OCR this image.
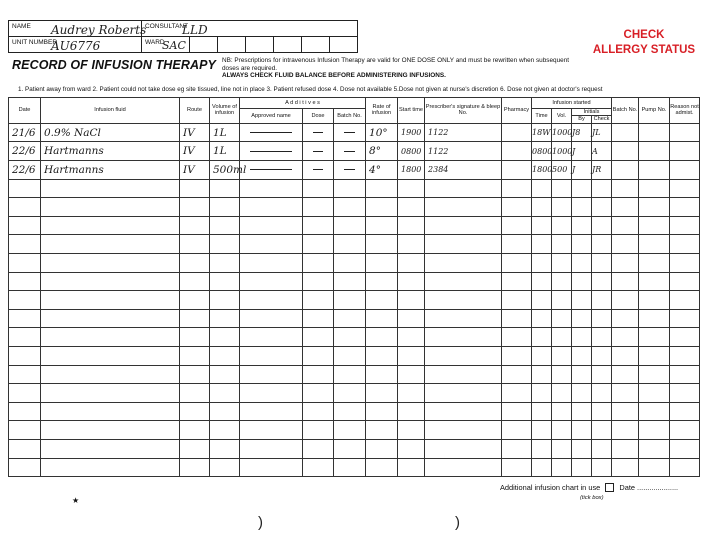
NAME Audrey Roberts	CONSULTANT
LLD						

UNIT NUMBER
AU6776	WARD
SAC						

CHECK
ALLERGY STATUS
RECORD OF INFUSION THERAPY NB: Prescriptions for intravenous Infusion Therapy are valid for ONE DOSE ONLY and must be rewritten when subsequent doses are required.
ALWAYS CHECK FLUID BALANCE BEFORE ADMINISTERING INFUSIONS.
1. Patient away from ward 2. Patient could not take dose eg site tissued, line not in place 3. Patient refused dose 4. Dose not available 5.Dose not given at nurse's discretion 6. Dose not given at doctor's request
Date	Infusion fluid	Route	Volume of infusion	A d d i t i v e s			Rate of infusion	Start time	Prescriber's signature & bleep No.	Pharmacy	Infusion started				Batch No.	Pump No.	Reason not admist.
				Approved name	Dose	Batch No.					Time	Vol.	Initials				
													By	Check			
21/6	0.9% NaCl	IV	1L				10°	1900	1122		18W	1000	J8	JL			
22/6	Hartmanns	IV	1L				8°	0800	1122		0800	1000	J	A			
22/6	Hartmanns	IV	500ml				4°	1800	2384		1800	500	J	JR			

Additional infusion chart in use	Date ....................
(tick box)
★
)	)
